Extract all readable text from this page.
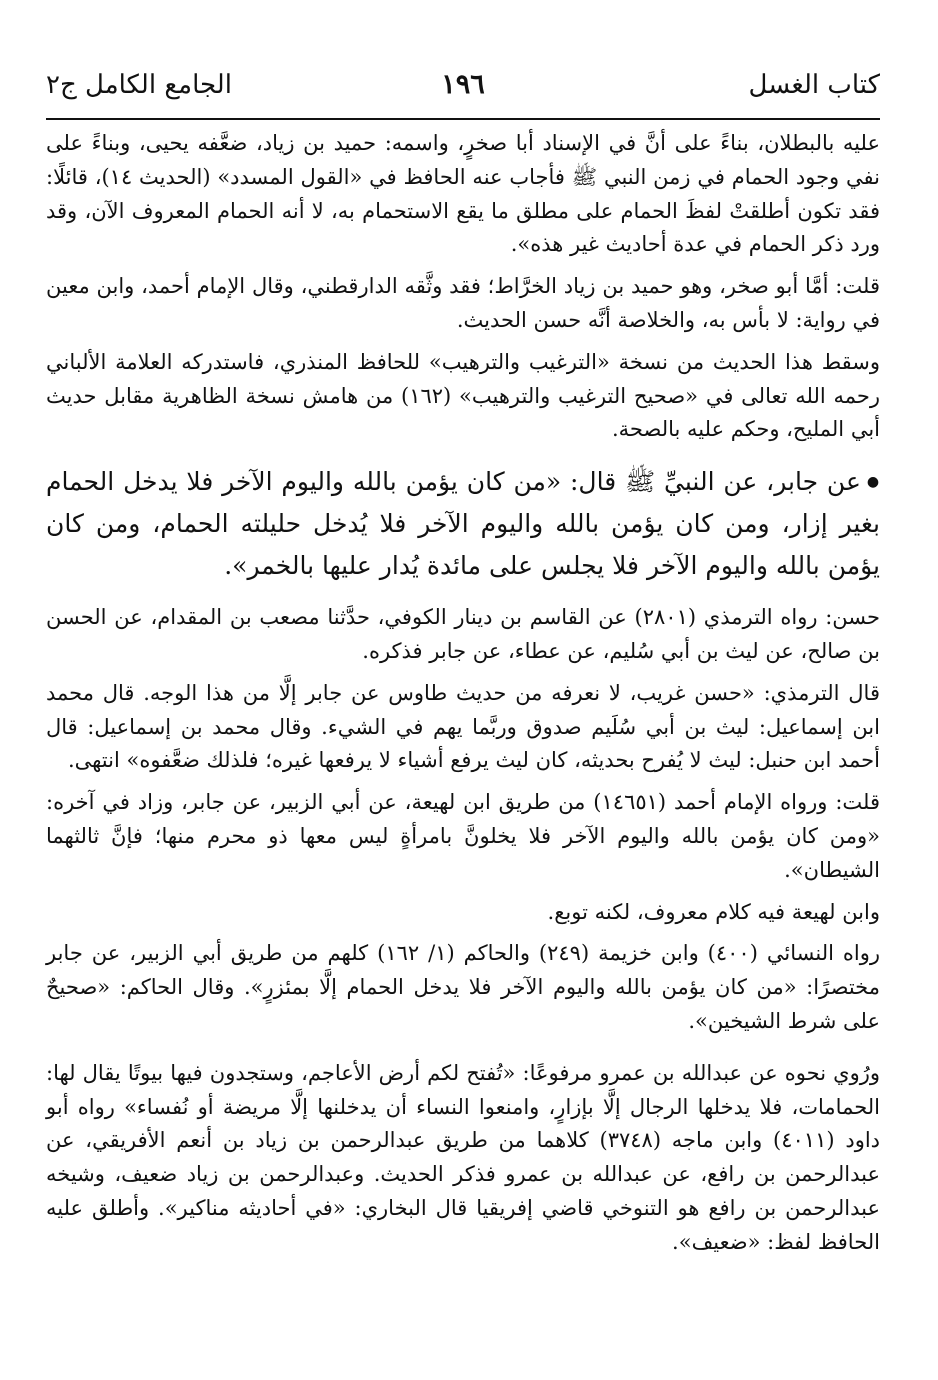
١٩٦	كتاب الغسل
الجامع الكامل ج٢

عليه بالبطلان، بناءً على أنَّ في الإسناد أبا صخرٍ، واسمه: حميد بن زياد، ضعَّفه يحيى، وبناءً على نفي وجود الحمام في زمن النبي ﷺ فأجاب عنه الحافظ في «القول المسدد» (الحديث ١٤)، قائلًا: فقد تكون أطلقتْ لفظَ الحمام على مطلق ما يقع الاستحمام به، لا أنه الحمام المعروف الآن، وقد ورد ذكر الحمام في عدة أحاديث غير هذه».

قلت: أمَّا أبو صخر، وهو حميد بن زياد الخرَّاط؛ فقد وثَّقه الدارقطني، وقال الإمام أحمد، وابن معين في رواية: لا بأس به، والخلاصة أنَّه حسن الحديث.

وسقط هذا الحديث من نسخة «الترغيب والترهيب» للحافظ المنذري، فاستدركه العلامة الألباني رحمه الله تعالى في «صحيح الترغيب والترهيب» (١٦٢) من هامش نسخة الظاهرية مقابل حديث أبي المليح، وحكم عليه بالصحة.

●عن جابر، عن النبيِّ ﷺ قال: «من كان يؤمن بالله واليوم الآخر فلا يدخل الحمام بغير إزار، ومن كان يؤمن بالله واليوم الآخر فلا يُدخل حليلته الحمام، ومن كان يؤمن بالله واليوم الآخر فلا يجلس على مائدة يُدار عليها بالخمر».

حسن: رواه الترمذي (٢٨٠١) عن القاسم بن دينار الكوفي، حدَّثنا مصعب بن المقدام، عن الحسن بن صالح، عن ليث بن أبي سُليم، عن عطاء، عن جابر فذكره.

قال الترمذي: «حسن غريب، لا نعرفه من حديث طاوس عن جابر إلَّا من هذا الوجه. قال محمد ابن إسماعيل: ليث بن أبي سُلَيم صدوق وربَّما يهم في الشيء. وقال محمد بن إسماعيل: قال أحمد ابن حنبل: ليث لا يُفرح بحديثه، كان ليث يرفع أشياء لا يرفعها غيره؛ فلذلك ضعَّفوه» انتهى.

قلت: ورواه الإمام أحمد (١٤٦٥١) من طريق ابن لهيعة، عن أبي الزبير، عن جابر، وزاد في آخره: «ومن كان يؤمن بالله واليوم الآخر فلا يخلونَّ بامرأةٍ ليس معها ذو محرم منها؛ فإنَّ ثالثهما الشيطان».

وابن لهيعة فيه كلام معروف، لكنه توبع.

رواه النسائي (٤٠٠) وابن خزيمة (٢٤٩) والحاكم (١/ ١٦٢) كلهم من طريق أبي الزبير، عن جابر مختصرًا: «من كان يؤمن بالله واليوم الآخر فلا يدخل الحمام إلَّا بمئزرٍ». وقال الحاكم: «صحيحٌ على شرط الشيخين».

ورُوي نحوه عن عبدالله بن عمرو مرفوعًا: «تُفتح لكم أرض الأعاجم، وستجدون فيها بيوتًا يقال لها: الحمامات، فلا يدخلها الرجال إلَّا بإزارٍ، وامنعوا النساء أن يدخلنها إلَّا مريضة أو نُفساء» رواه أبو داود (٤٠١١) وابن ماجه (٣٧٤٨) كلاهما من طريق عبدالرحمن بن زياد بن أنعم الأفريقي، عن عبدالرحمن بن رافع، عن عبدالله بن عمرو فذكر الحديث. وعبدالرحمن بن زياد ضعيف، وشيخه عبدالرحمن بن رافع هو التنوخي قاضي إفريقيا قال البخاري: «في أحاديثه مناكير». وأطلق عليه الحافظ لفظ: «ضعيف».
